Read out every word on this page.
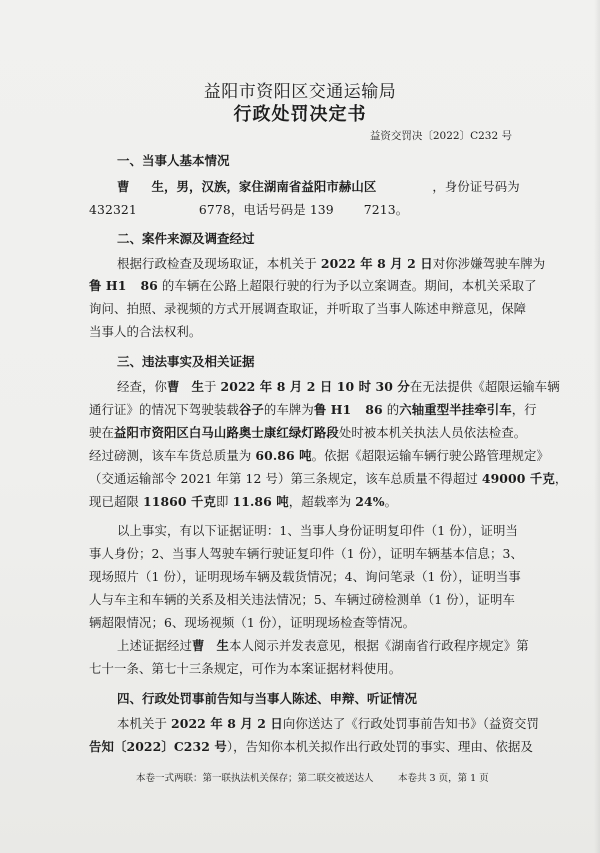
益阳市资阳区交通运输局
行政处罚决定书
益资交罚决〔2022〕C232 号
一、当事人基本情况
曹 生，男，汉族，家住湖南省益阳市赫山区	，身份证号码为
432321	6778，电话号码是 139 7213。
二、案件来源及调查经过
根据行政检查及现场取证，本机关于 2022 年 8 月 2 日对你涉嫌驾驶车牌为
鲁 H1 86 的车辆在公路上超限行驶的行为予以立案调查。期间，本机关采取了
询问、拍照、录视频的方式开展调查取证，并听取了当事人陈述申辩意见，保障
当事人的合法权利。
三、违法事实及相关证据
经查，你曹 生于 2022 年 8 月 2 日 10 时 30 分在无法提供《超限运输车辆
通行证》的情况下驾驶装载谷子的车牌为鲁 H1 86 的六轴重型半挂牵引车，行
驶在益阳市资阳区白马山路奥士康红绿灯路段处时被本机关执法人员依法检查。
经过磅测，该车车货总质量为 60.86 吨。依据《超限运输车辆行驶公路管理规定》
（交通运输部令 2021 年第 12 号）第三条规定，该车总质量不得超过 49000 千克，
现已超限 11860 千克即 11.86 吨，超载率为 24%。
以上事实，有以下证据证明：1、当事人身份证明复印件（1 份），证明当
事人身份；2、当事人驾驶车辆行驶证复印件（1 份），证明车辆基本信息；3、
现场照片（1 份），证明现场车辆及载货情况；4、询问笔录（1 份），证明当事
人与车主和车辆的关系及相关违法情况；5、车辆过磅检测单（1 份），证明车
辆超限情况；6、现场视频（1 份），证明现场检查等情况。
上述证据经过曹 生本人阅示并发表意见，根据《湖南省行政程序规定》第
七十一条、第七十三条规定，可作为本案证据材料使用。
四、行政处罚事前告知与当事人陈述、申辩、听证情况
本机关于 2022 年 8 月 2 日向你送达了《行政处罚事前告知书》（益资交罚
告知〔2022〕C232 号），告知你本机关拟作出行政处罚的事实、理由、依据及
本卷一式两联：第一联执法机关保存；第二联交被送达人	本卷共 3 页，第 1 页
